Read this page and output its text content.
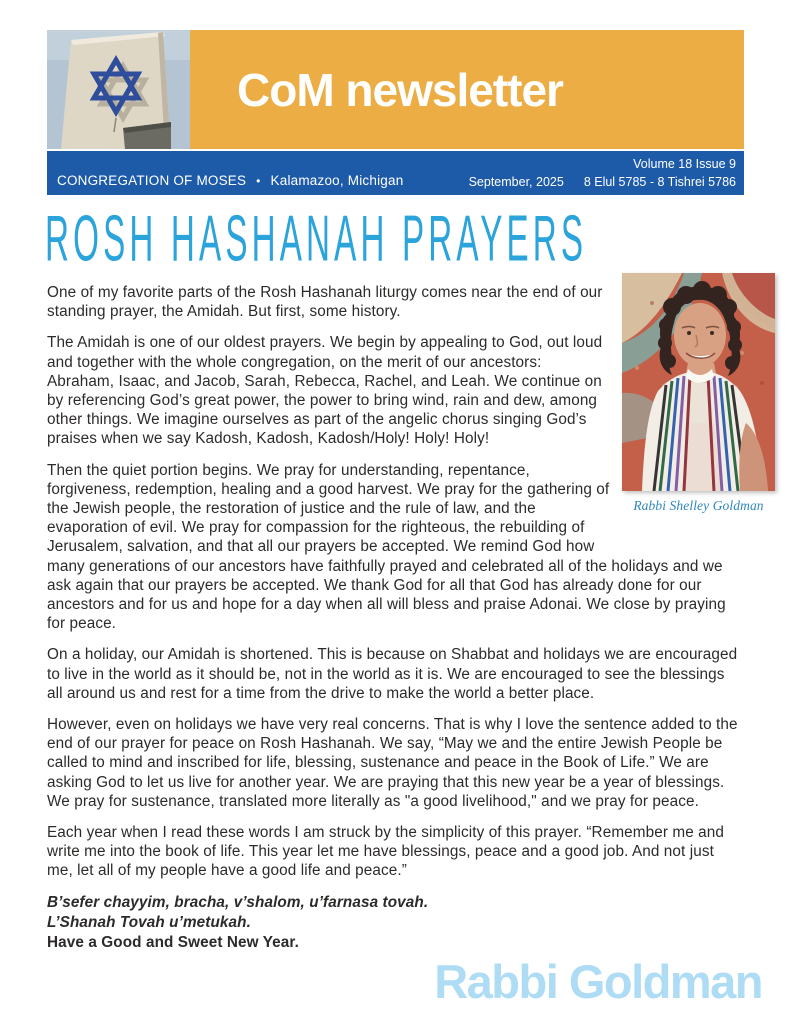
CoM newsletter
CONGREGATION OF MOSES • Kalamazoo, Michigan
Volume 18 Issue 9
September, 2025 8 Elul 5785 - 8 Tishrei 5786
ROSH HASHANAH PRAYERS
Rabbi Shelley Goldman

One of my favorite parts of the Rosh Hashanah liturgy comes near the end of our standing prayer, the Amidah. But first, some history.

The Amidah is one of our oldest prayers. We begin by appealing to God, out loud and together with the whole congregation, on the merit of our ancestors: Abraham, Isaac, and Jacob, Sarah, Rebecca, Rachel, and Leah. We continue on by referencing God’s great power, the power to bring wind, rain and dew, among other things. We imagine ourselves as part of the angelic chorus singing God’s praises when we say Kadosh, Kadosh, Kadosh/Holy! Holy! Holy!

Then the quiet portion begins. We pray for understanding, repentance, forgiveness, redemption, healing and a good harvest. We pray for the gathering of the Jewish people, the restoration of justice and the rule of law, and the evaporation of evil. We pray for compassion for the righteous, the rebuilding of Jerusalem, salvation, and that all our prayers be accepted. We remind God how many generations of our ancestors have faithfully prayed and celebrated all of the holidays and we ask again that our prayers be accepted. We thank God for all that God has already done for our ancestors and for us and hope for a day when all will bless and praise Adonai. We close by praying for peace.

On a holiday, our Amidah is shortened. This is because on Shabbat and holidays we are encouraged to live in the world as it should be, not in the world as it is. We are encouraged to see the blessings all around us and rest for a time from the drive to make the world a better place.

However, even on holidays we have very real concerns. That is why I love the sentence added to the end of our prayer for peace on Rosh Hashanah. We say, “May we and the entire Jewish People be called to mind and inscribed for life, blessing, sustenance and peace in the Book of Life.” We are asking God to let us live for another year. We are praying that this new year be a year of blessings. We pray for sustenance, translated more literally as "a good livelihood," and we pray for peace.

Each year when I read these words I am struck by the simplicity of this prayer. “Remember me and write me into the book of life. This year let me have blessings, peace and a good job. And not just me, let all of my people have a good life and peace.”

B’sefer chayyim, bracha, v’shalom, u’farnasa tovah.

L’Shanah Tovah u’metukah.

Have a Good and Sweet New Year.

Rabbi Goldman
